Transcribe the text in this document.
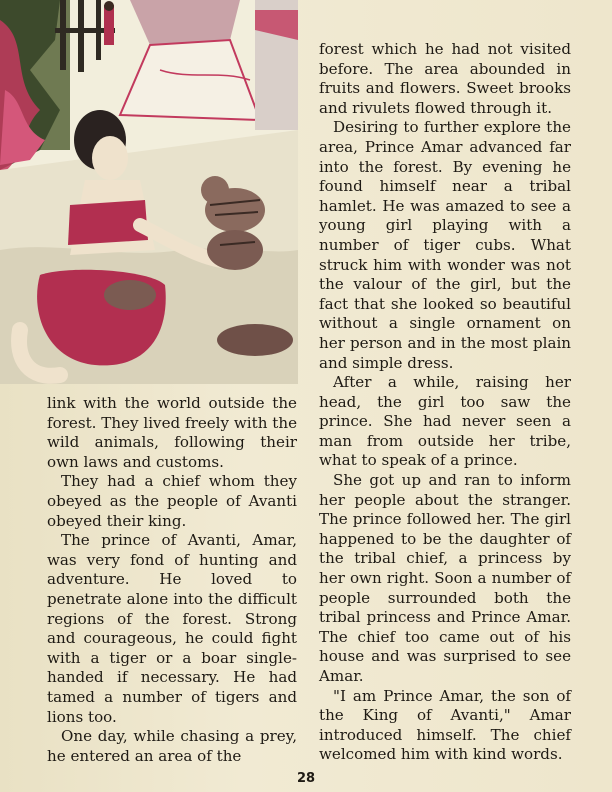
link with the world outside the forest. They lived freely with the wild animals, following their own laws and customs.

They had a chief whom they obeyed as the people of Avanti obeyed their king.

The prince of Avanti, Amar, was very fond of hunting and adventure. He loved to penetrate alone into the difficult regions of the forest. Strong and courageous, he could fight with a tiger or a boar single-handed if necessary. He had tamed a number of tigers and lions too.

One day, while chasing a prey, he entered an area of the

forest which he had not visited before. The area abounded in fruits and flowers. Sweet brooks and rivulets flowed through it.

Desiring to further explore the area, Prince Amar advanced far into the forest. By evening he found himself near a tribal hamlet. He was amazed to see a young girl playing with a number of tiger cubs. What struck him with wonder was not the valour of the girl, but the fact that she looked so beautiful without a single ornament on her person and in the most plain and simple dress.

After a while, raising her head, the girl too saw the prince. She had never seen a man from outside her tribe, what to speak of a prince.

She got up and ran to inform her people about the stranger. The prince followed her. The girl happened to be the daughter of the tribal chief, a princess by her own right. Soon a number of people surrounded both the tribal princess and Prince Amar. The chief too came out of his house and was surprised to see Amar.

"I am Prince Amar, the son of the King of Avanti," Amar introduced himself. The chief welcomed him with kind words.

28
